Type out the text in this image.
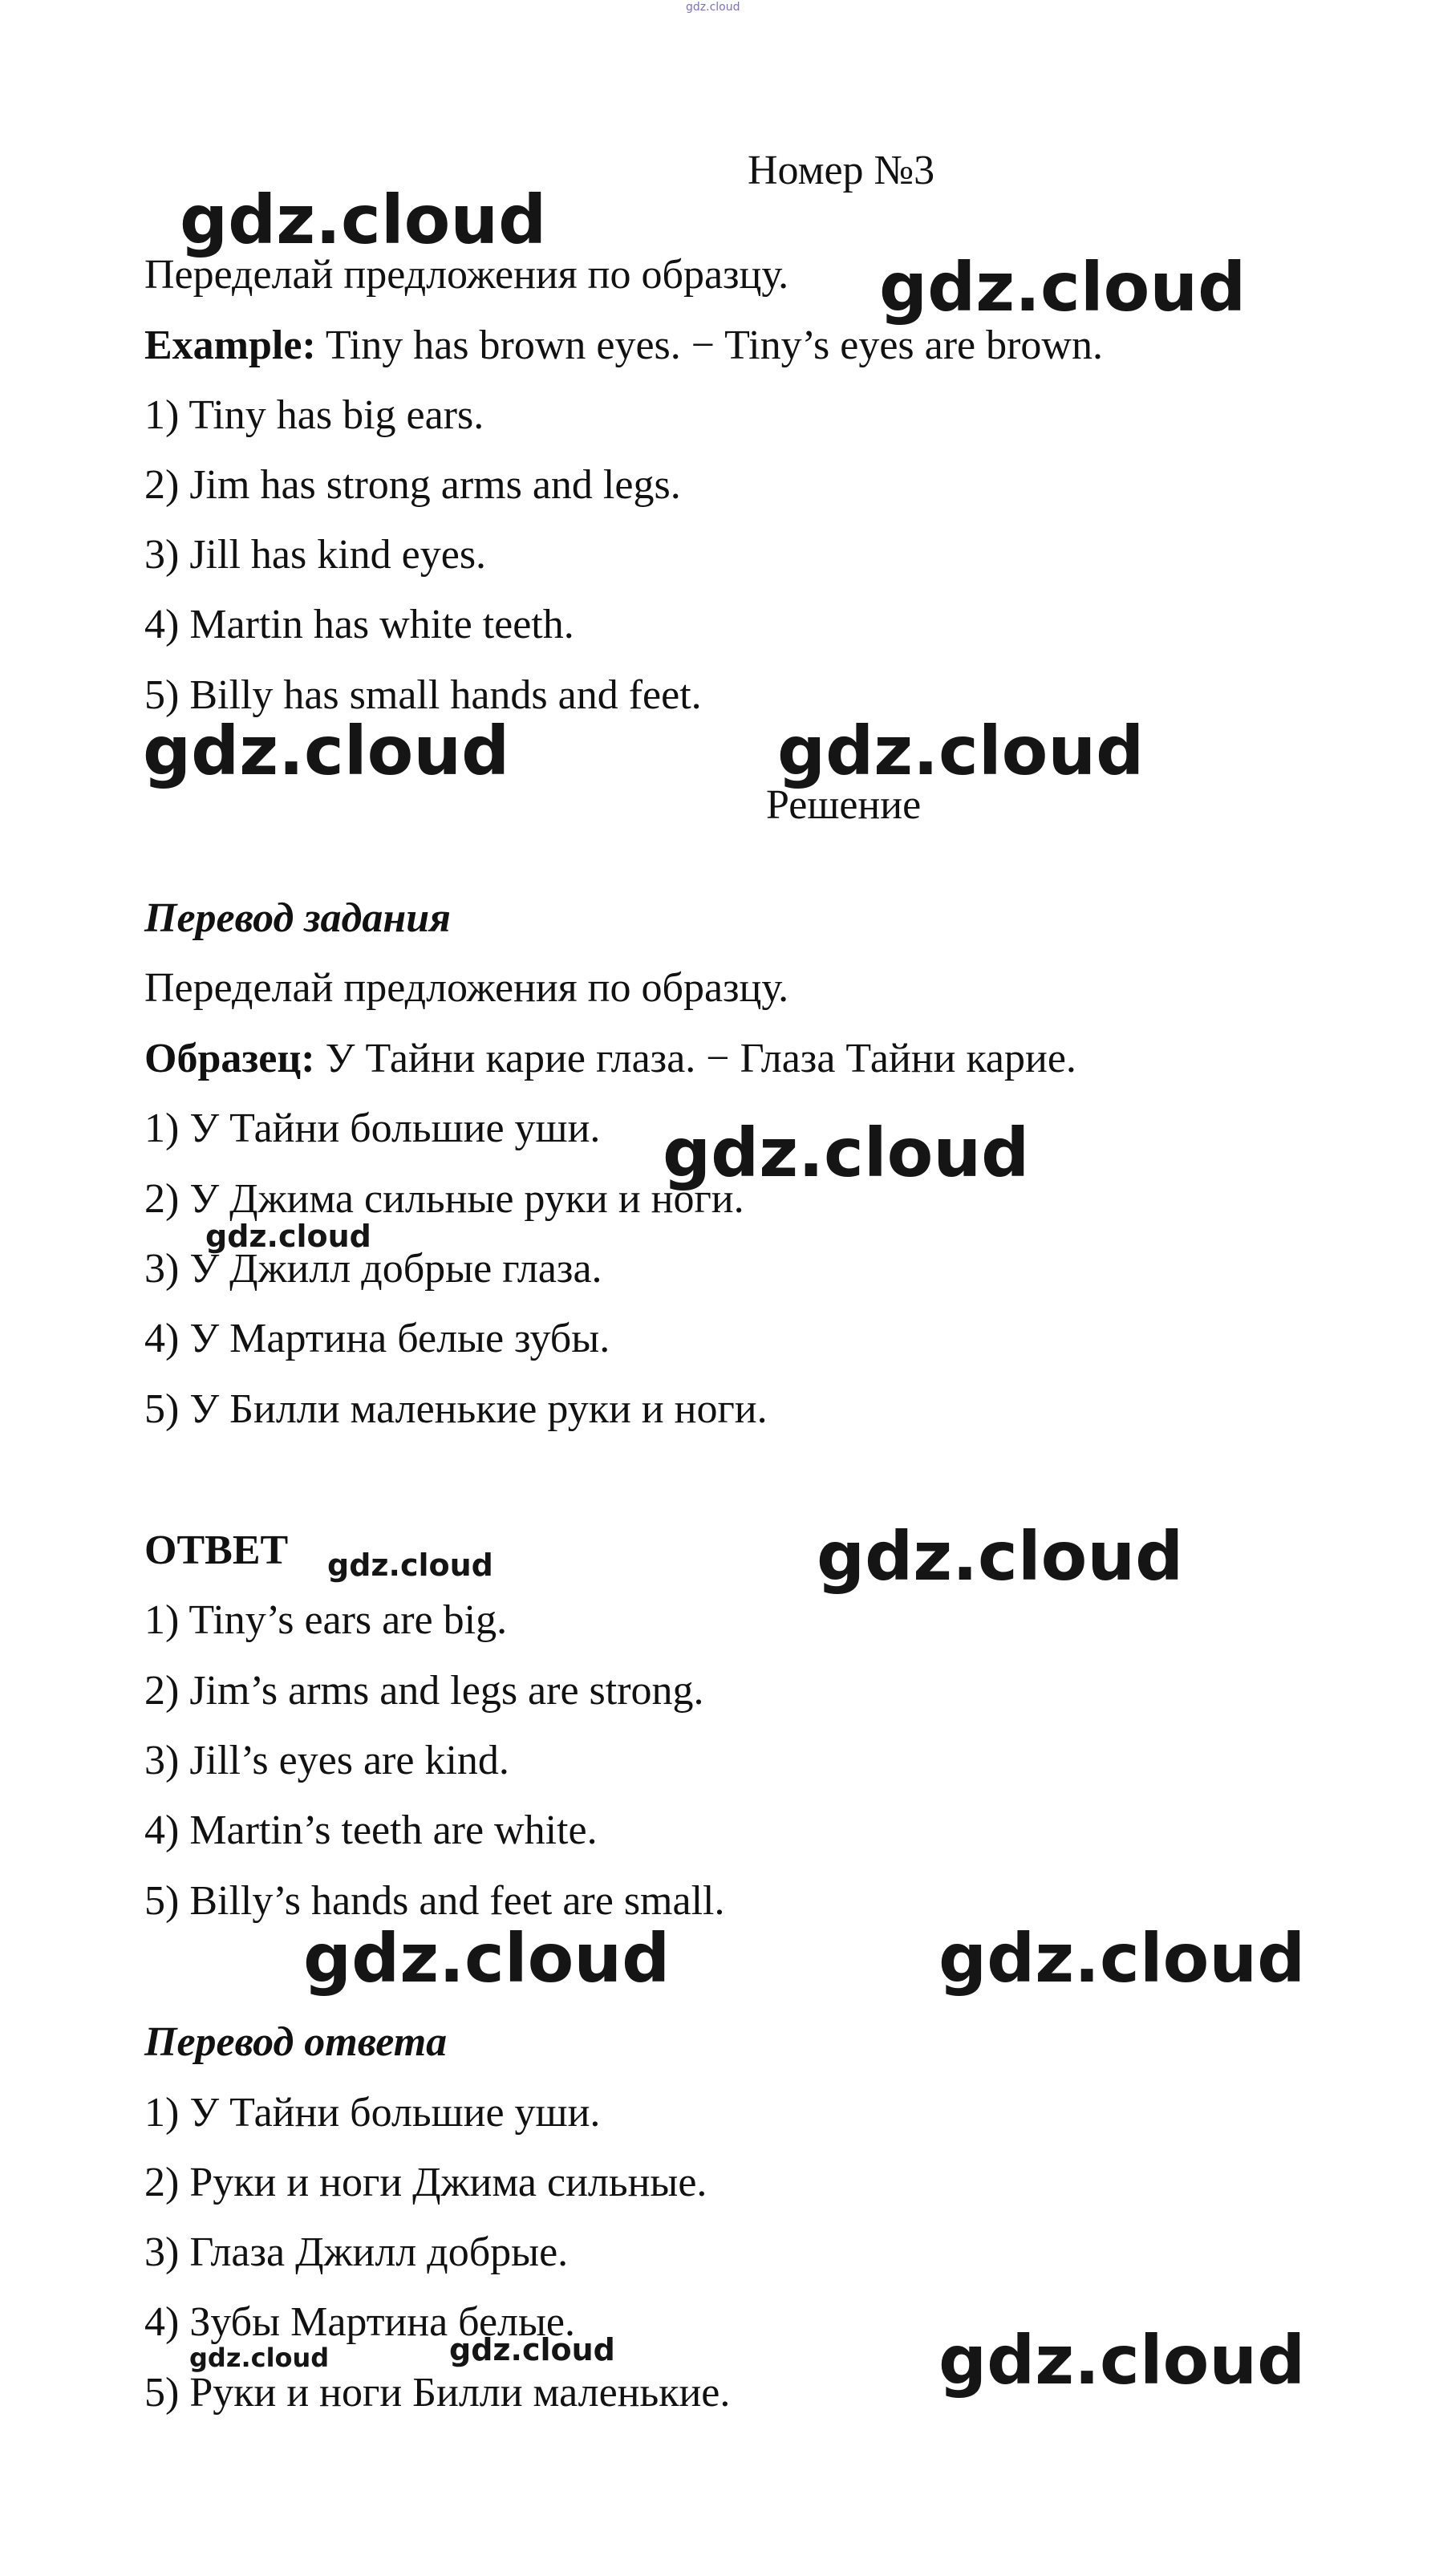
gdz.cloud
Номер №3
Переделай предложения по образцу.
Example: Tiny has brown eyes. − Tiny’s eyes are brown.
1) Tiny has big ears.
2) Jim has strong arms and legs.
3) Jill has kind eyes.
4) Martin has white teeth.
5) Billy has small hands and feet.
Решение
Перевод задания
Переделай предложения по образцу.
Образец: У Тайни карие глаза. − Глаза Тайни карие.
1) У Тайни большие уши.
2) У Джима сильные руки и ноги.
3) У Джилл добрые глаза.
4) У Мартина белые зубы.
5) У Билли маленькие руки и ноги.
ОТВЕТ
1) Tiny’s ears are big.
2) Jim’s arms and legs are strong.
3) Jill’s eyes are kind.
4) Martin’s teeth are white.
5) Billy’s hands and feet are small.
Перевод ответа
1) У Тайни большие уши.
2) Руки и ноги Джима сильные.
3) Глаза Джилл добрые.
4) Зубы Мартина белые.
5) Руки и ноги Билли маленькие.
gdz.cloud
gdz.cloud
gdz.cloud	gdz.cloud
gdz.cloud
gdz.cloud
gdz.cloud	gdz.cloud
gdz.cloud	gdz.cloud
gdz.cloud
gdz.cloud	gdz.cloud
